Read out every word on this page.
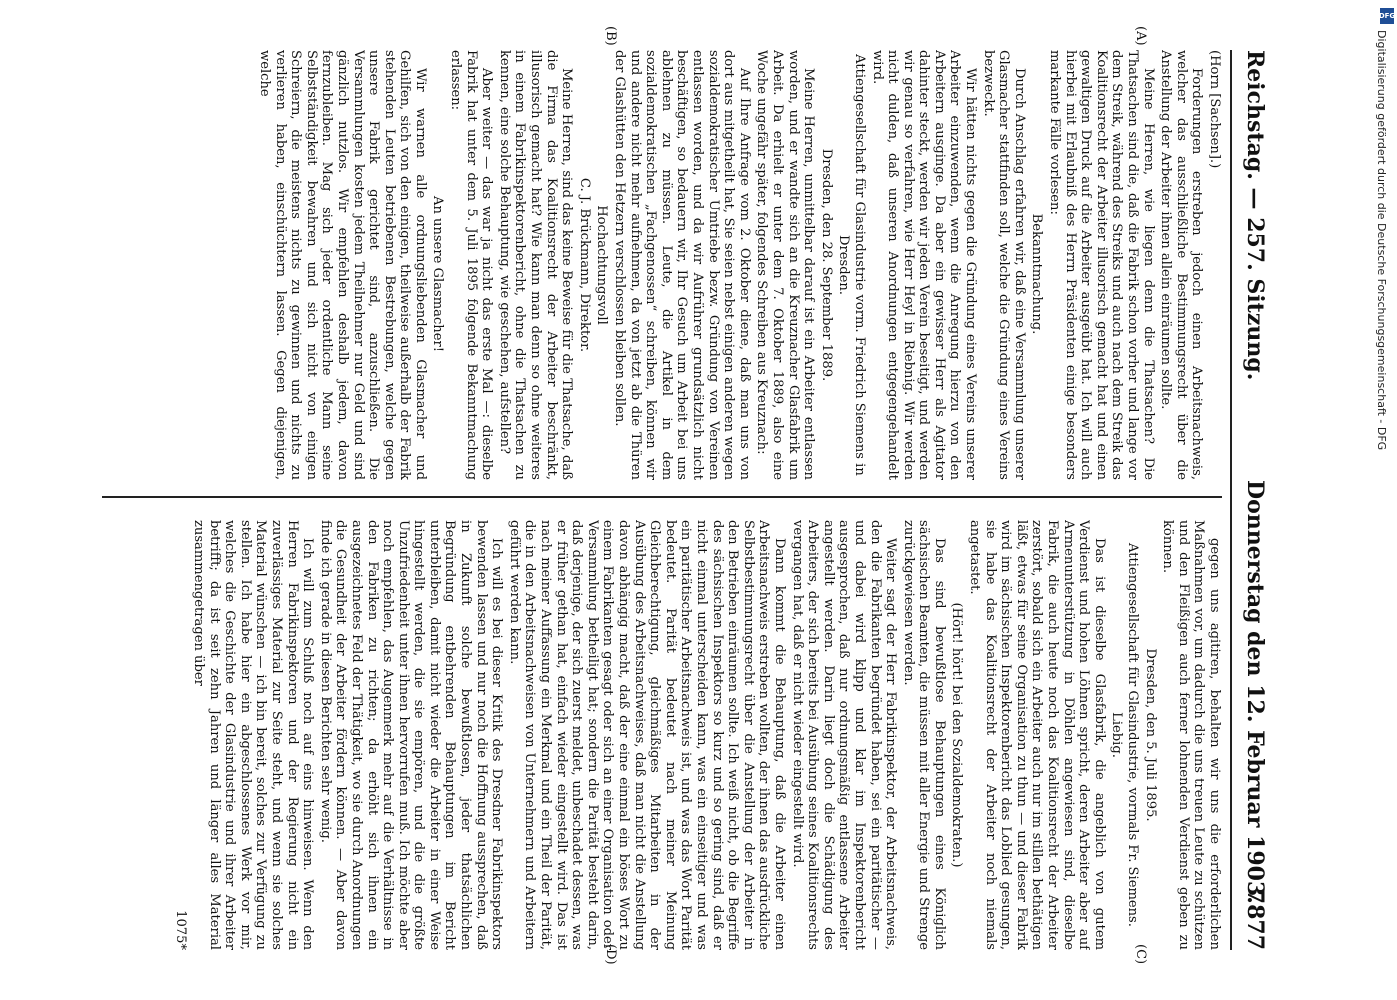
Reichstag. — 257. Sitzung.
Donnerstag den 12. Februar 1903.
7877
(A)
(B)
(C)
(D)

(Horn [Sachsen].)

Forderungen erstreben jedoch einen Arbeitsnachweis, welcher das ausschließliche Bestimmungsrecht über die Anstellung der Arbeiter ihnen allein einräumen sollte.

Meine Herren, wie liegen denn die Thatsachen? Die Thatsachen sind die, daß die Fabrik schon vorher und lange vor dem Streik, während des Streiks und auch nach dem Streik das Koalitionsrecht der Arbeiter illusorisch gemacht hat und einen gewaltigen Druck auf die Arbeiter ausgeübt hat. Ich will auch hierbei mit Erlaubniß des Herrn Präsidenten einige besonders markante Fälle vorlesen:

Bekanntmachung.

Durch Anschlag erfahren wir, daß eine Versammlung unserer Glasmacher stattfinden soll, welche die Gründung eines Vereins bezweckt.

Wir hätten nichts gegen die Gründung eines Vereins unserer Arbeiter einzuwenden, wenn die Anregung hierzu von den Arbeitern ausginge. Da aber ein gewisser Herr als Agitator dahinter steckt, werden wir jeden Verein beseitigt, und werden wir genau so verfahren, wie Herr Heyl in Riebnig. Wir werden nicht dulden, daß unseren Anordnungen entgegengehandelt wird.

Attiengesellschaft für Glasindustrie vorm. Friedrich Siemens in Dresden.

Dresden, den 28. September 1889.

Meine Herren, unmittelbar darauf ist ein Arbeiter entlassen worden, und er wandte sich an die Kreuznacher Glasfabrik um Arbeit. Da erhielt er unter dem 7. Oktober 1889, also eine Woche ungefähr später, folgendes Schreiben aus Kreuznach:

Auf Ihre Anfrage vom 2. Oktober diene, daß man uns von dort aus mitgetheilt hat, Sie seien nebst einigen anderen wegen sozialdemokratischer Umtriebe bezw. Gründung von Vereinen entlassen worden, und da wir Aufrührer grundsätzlich nicht beschäftigen, so bedauern wir, Ihr Gesuch um Arbeit bei uns ablehnen zu müssen. Leute, die Artikel in dem sozialdemokratischen „Fachgenossen“ schreiben, können wir und andere nicht mehr aufnehmen, da von jetzt ab die Thüren der Glashütten den Hetzern verschlossen bleiben sollen.

Hochachtungsvoll

C. J. Brückmann, Direktor.

Meine Herren, sind das keine Beweise für die Thatsache, daß die Firma das Koalitionsrecht der Arbeiter beschränkt, illusorisch gemacht hat? Wie kann man denn so ohne weiteres in einem Fabrikinspektorenbericht, ohne die Thatsachen zu kennen, eine solche Behauptung, wie geschehen, aufstellen?

Aber weiter — das war ja nicht das erste Mal —: dieselbe Fabrik hat unter dem 5. Juli 1895 folgende Bekanntmachung erlassen:

An unsere Glasmacher!

Wir warnen alle ordnungsliebenden Glasmacher und Gehilfen, sich von den einigen, theilweise außerhalb der Fabrik stehenden Leuten betriebenen Bestrebungen, welche gegen unsere Fabrik gerichtet sind, anzuschließen. Die Versammlungen kosten jedem Theilnehmer nur Geld und sind gänzlich nutzlos. Wir empfehlen deshalb jedem, davon fernzubleiben. Mag sich jeder ordentliche Mann seine Selbstständigkeit bewahren und sich nicht von einigen Schreiern, die meistens nichts zu gewinnen und nichts zu verlieren haben, einschüchtern lassen. Gegen diejenigen, welche

gegen uns agitiren, behalten wir uns die erforderlichen Maßnahmen vor, um dadurch die uns treuen Leute zu schützen und den Fleißigen auch ferner lohnenden Verdienst geben zu können.

Dresden, den 5. Juli 1895.

Attiengesellschaft für Glasindustrie, vormals Fr. Siemens. Liebig.

Das ist dieselbe Glasfabrik, die angeblich von gutem Verdienst und hohen Löhnen spricht, deren Arbeiter aber auf Armenunterstützung in Döhlen angewiesen sind, dieselbe Fabrik, die auch heute noch das Koalitionsrecht der Arbeiter zerstört, sobald sich ein Arbeiter auch nur im stillen bethätigen läßt, etwas für seine Organisation zu thun — und dieser Fabrik wird im sächsischen Inspektorenbericht das Loblied gesungen, sie habe das Koalitionsrecht der Arbeiter noch niemals angetastet.

(Hört! hört! bei den Sozialdemokraten.)

Das sind bewußtlose Behauptungen eines Königlich sächsischen Beamten, die müssen mit aller Energie und Strenge zurückgewiesen werden.

Weiter sagt der Herr Fabrikinspektor, der Arbeitsnachweis, den die Fabrikanten begründet haben, sei ein paritätischer — und dabei wird klipp und klar im Inspektorenbericht ausgesprochen, daß nur ordnungsmäßig entlassene Arbeiter angestellt werden. Darin liegt doch die Schädigung des Arbeiters, der sich bereits bei Ausübung seines Koalitionsrechts vergangen hat, daß er nicht wieder eingestellt wird.

Dann kommt die Behauptung, daß die Arbeiter einen Arbeitsnachweis erstreben wollten, der ihnen das ausdrückliche Selbstbestimmungsrecht über die Anstellung der Arbeiter in den Betrieben einräumen sollte. Ich weiß nicht, ob die Begriffe des sächsischen Inspektors so kurz und so gering sind, daß er nicht einmal unterscheiden kann, was ein einseitiger und was ein paritätischer Arbeitsnachweis ist, und was das Wort Parität bedeutet. Parität bedeutet nach meiner Meinung Gleichberechtigung, gleichmäßiges Mitarbeiten in der Ausübung des Arbeitsnachweises, daß man nicht die Anstellung davon abhängig macht, daß der eine einmal ein böses Wort zu einem Fabrikanten gesagt oder sich an einer Organisation oder Versammlung betheiligt hat; sondern die Parität besteht darin, daß derjenige, der sich zuerst meldet, unbeschadet dessen, was er früher gethan hat, einfach wieder eingestellt wird. Das ist nach meiner Auffassung ein Merkmal und ein Theil der Parität, die in den Arbeitsnachweisen von Unternehmern und Arbeitern geführt werden kann.

Ich will es bei dieser Kritik des Dresdner Fabrikinspektors bewenden lassen und nur noch die Hoffnung aussprechen, daß in Zukunft solche bewußtlosen, jeder thatsächlichen Begründung entbehrenden Behauptungen im Bericht unterbleiben, damit nicht wieder die Arbeiter in einer Weise hingestellt werden, die sie empören, und die die größte Unzufriedenheit unter ihnen hervorrufen muß. Ich möchte aber noch empfehlen, das Augenmerk mehr auf die Verhältnisse in den Fabriken zu richten; da erhöht sich ihnen ein ausgezeichnetes Feld der Thätigkeit, wo sie durch Anordnungen die Gesundheit der Arbeiter fördern können. — Aber davon finde ich gerade in diesen Berichten sehr wenig.

Ich will zum Schluß noch auf eins hinweisen. Wenn den Herren Fabrikinspektoren und der Regierung nicht ein zuverlässiges Material zur Seite steht, und wenn sie solches Material wünschen — ich bin bereit, solches zur Verfügung zu stellen. Ich habe hier ein abgeschlossenes Werk vor mir, welches die Geschichte der Glasindustrie und ihrer Arbeiter betrifft; da ist seit zehn Jahren und länger alles Material zusammengetragen über

1075*

DFG
Digitalisierung gefördert durch die Deutsche Forschungsgemeinschaft - DFG
